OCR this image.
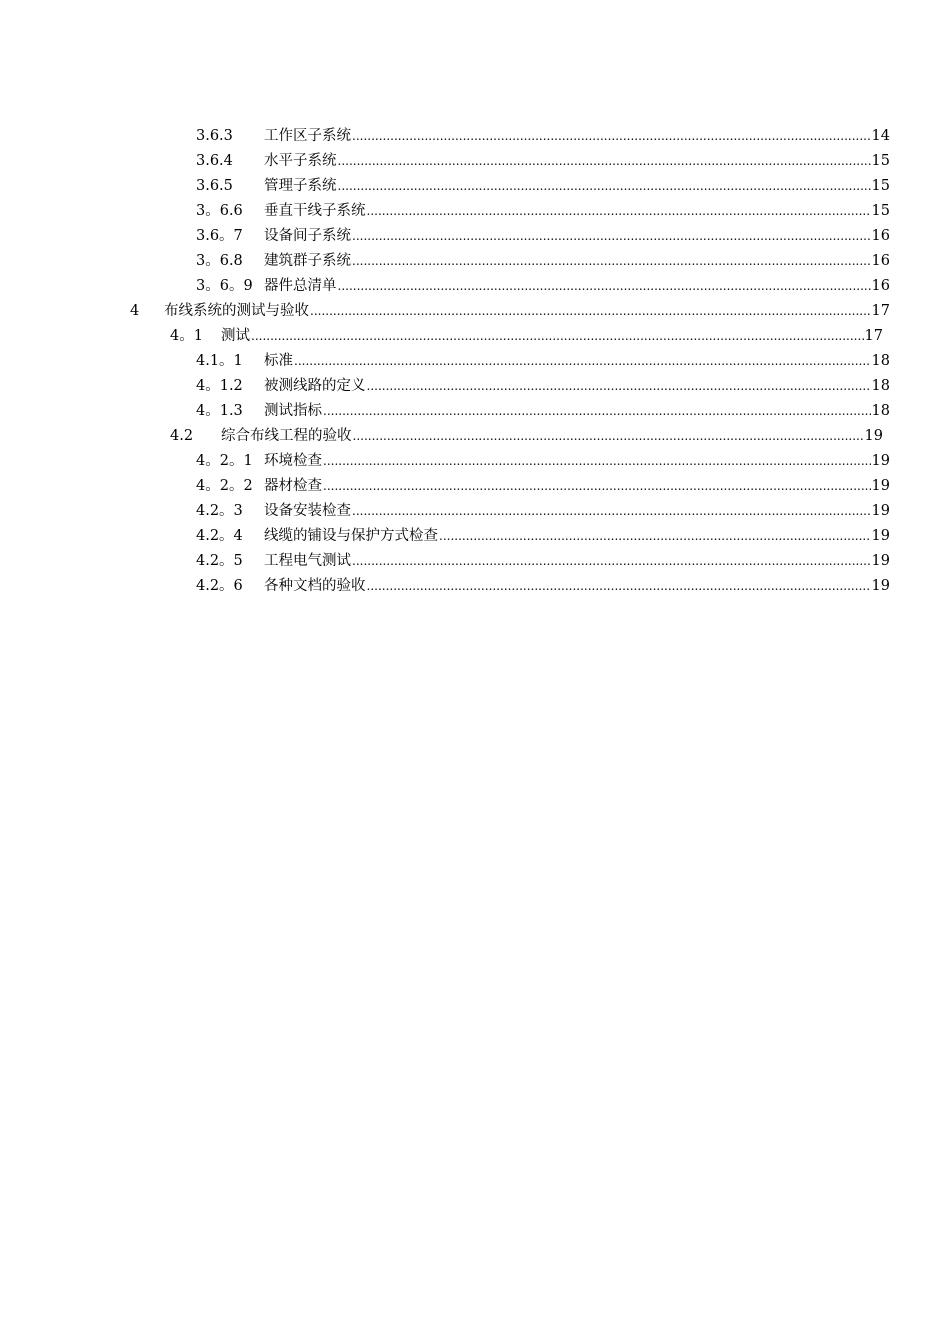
3.6.3 工作区子系统 .....	14
3.6.4 水平子系统 .....	15
3.6.5 管理子系统 .....	15
3。6.6 垂直干线子系统 .....	15
3.6。7 设备间子系统 .....	16
3。6.8 建筑群子系统 .....	16
3。6。9 器件总清单 .....	16
4 布线系统的测试与验收 .....	17
4。1 测试 .....	17
4.1。1 标准 .....	18
4。1.2 被测线路的定义 .....	18
4。1.3 测试指标 .....	18
4.2 综合布线工程的验收 .....	19
4。2。1 环境检查 .....	19
4。2。2 器材检查 .....	19
4.2。3 设备安装检查 .....	19
4.2。4 线缆的铺设与保护方式检查 .....	19
4.2。5 工程电气测试 .....	19
4.2。6 各种文档的验收 .....	19
